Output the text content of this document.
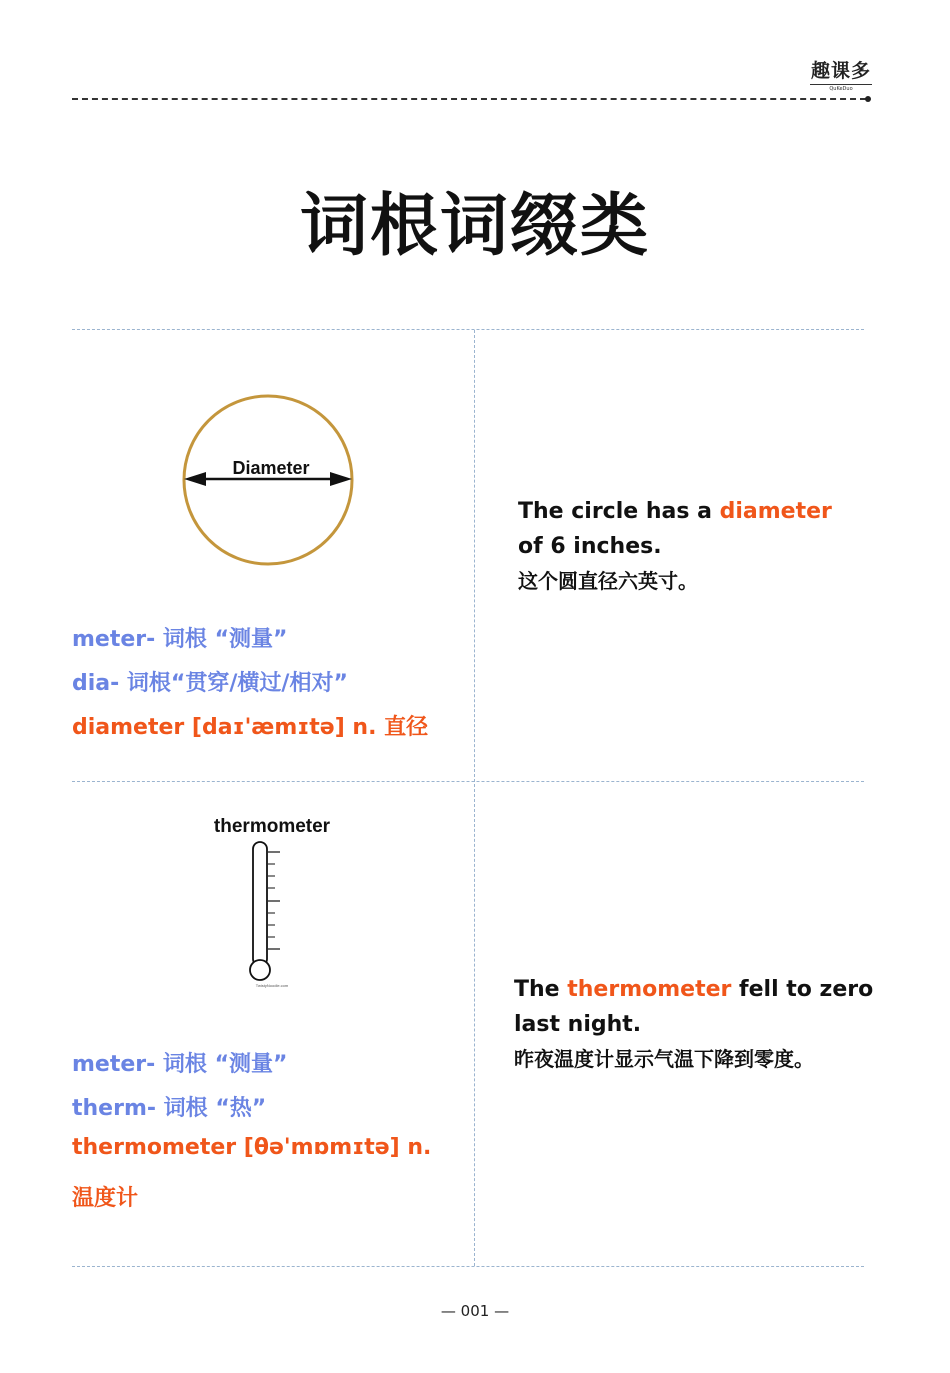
趣课多
QuKeDuo
词根词缀类
Diameter
meter- 词根 “测量”
dia- 词根“贯穿/横过/相对”
diameter [daɪ'æmɪtə] n. 直径
The circle has a diameter of 6 inches.
这个圆直径六英寸。
thermometer
TwistyNoodle.com
meter- 词根 “测量”
therm- 词根 “热”
thermometer [θə'mɒmɪtə] n.
温度计
The thermometer fell to zero last night.
昨夜温度计显示气温下降到零度。
— 001 —
